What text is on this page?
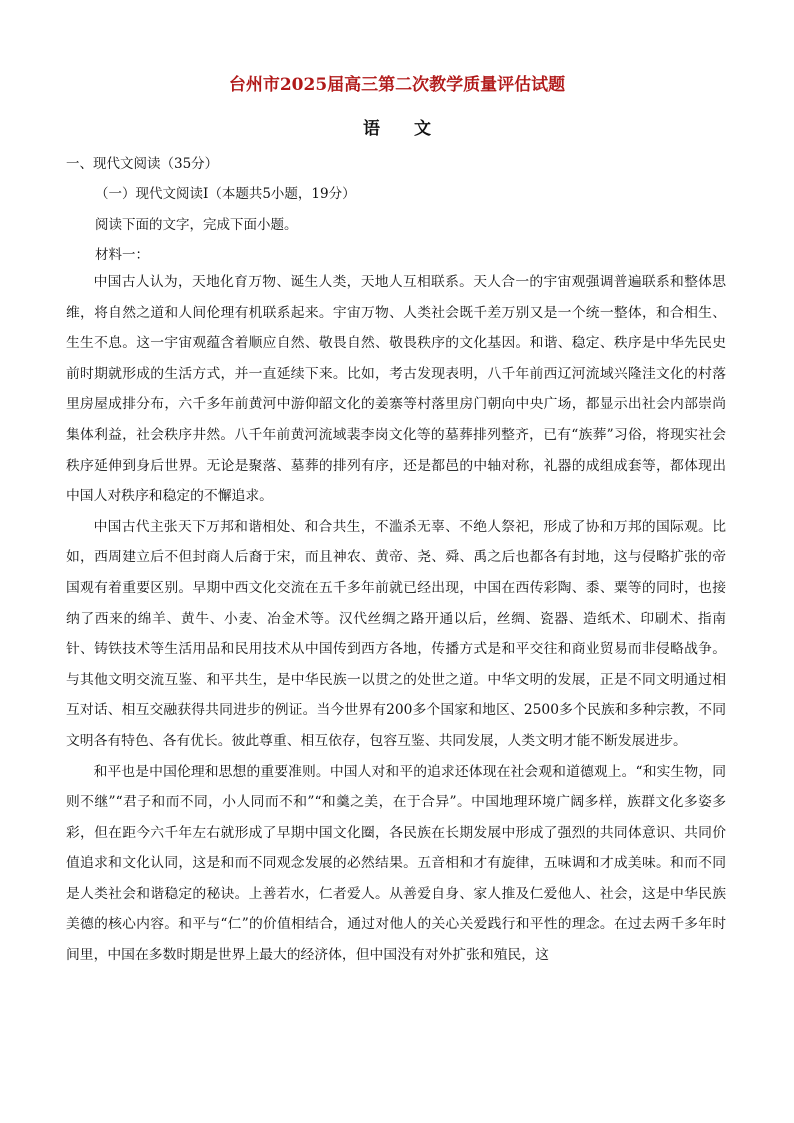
台州市2025届高三第二次教学质量评估试题
语 文
一、现代文阅读（35分）
（一）现代文阅读Ⅰ（本题共5小题，19分）
阅读下面的文字，完成下面小题。
材料一：

中国古人认为，天地化育万物、诞生人类，天地人互相联系。天人合一的宇宙观强调普遍联系和整体思维，将自然之道和人间伦理有机联系起来。宇宙万物、人类社会既千差万别又是一个统一整体，和合相生、生生不息。这一宇宙观蕴含着顺应自然、敬畏自然、敬畏秩序的文化基因。和谐、稳定、秩序是中华先民史前时期就形成的生活方式，并一直延续下来。比如，考古发现表明，八千年前西辽河流域兴隆洼文化的村落里房屋成排分布，六千多年前黄河中游仰韶文化的姜寨等村落里房门朝向中央广场，都显示出社会内部崇尚集体利益，社会秩序井然。八千年前黄河流域裴李岗文化等的墓葬排列整齐，已有“族葬”习俗，将现实社会秩序延伸到身后世界。无论是聚落、墓葬的排列有序，还是都邑的中轴对称，礼器的成组成套等，都体现出中国人对秩序和稳定的不懈追求。

中国古代主张天下万邦和谐相处、和合共生，不滥杀无辜、不绝人祭祀，形成了协和万邦的国际观。比如，西周建立后不但封商人后裔于宋，而且神农、黄帝、尧、舜、禹之后也都各有封地，这与侵略扩张的帝国观有着重要区别。早期中西文化交流在五千多年前就已经出现，中国在西传彩陶、黍、粟等的同时，也接纳了西来的绵羊、黄牛、小麦、冶金术等。汉代丝绸之路开通以后，丝绸、瓷器、造纸术、印刷术、指南针、铸铁技术等生活用品和民用技术从中国传到西方各地，传播方式是和平交往和商业贸易而非侵略战争。与其他文明交流互鉴、和平共生，是中华民族一以贯之的处世之道。中华文明的发展，正是不同文明通过相互对话、相互交融获得共同进步的例证。当今世界有200多个国家和地区、2500多个民族和多种宗教，不同文明各有特色、各有优长。彼此尊重、相互依存，包容互鉴、共同发展，人类文明才能不断发展进步。

和平也是中国伦理和思想的重要准则。中国人对和平的追求还体现在社会观和道德观上。“和实生物，同则不继”“君子和而不同，小人同而不和”“和羹之美，在于合异”。中国地理环境广阔多样，族群文化多姿多彩，但在距今六千年左右就形成了早期中国文化圈，各民族在长期发展中形成了强烈的共同体意识、共同价值追求和文化认同，这是和而不同观念发展的必然结果。五音相和才有旋律，五味调和才成美味。和而不同是人类社会和谐稳定的秘诀。上善若水，仁者爱人。从善爱自身、家人推及仁爱他人、社会，这是中华民族美德的核心内容。和平与“仁”的价值相结合，通过对他人的关心关爱践行和平性的理念。在过去两千多年时间里，中国在多数时期是世界上最大的经济体，但中国没有对外扩张和殖民，这
